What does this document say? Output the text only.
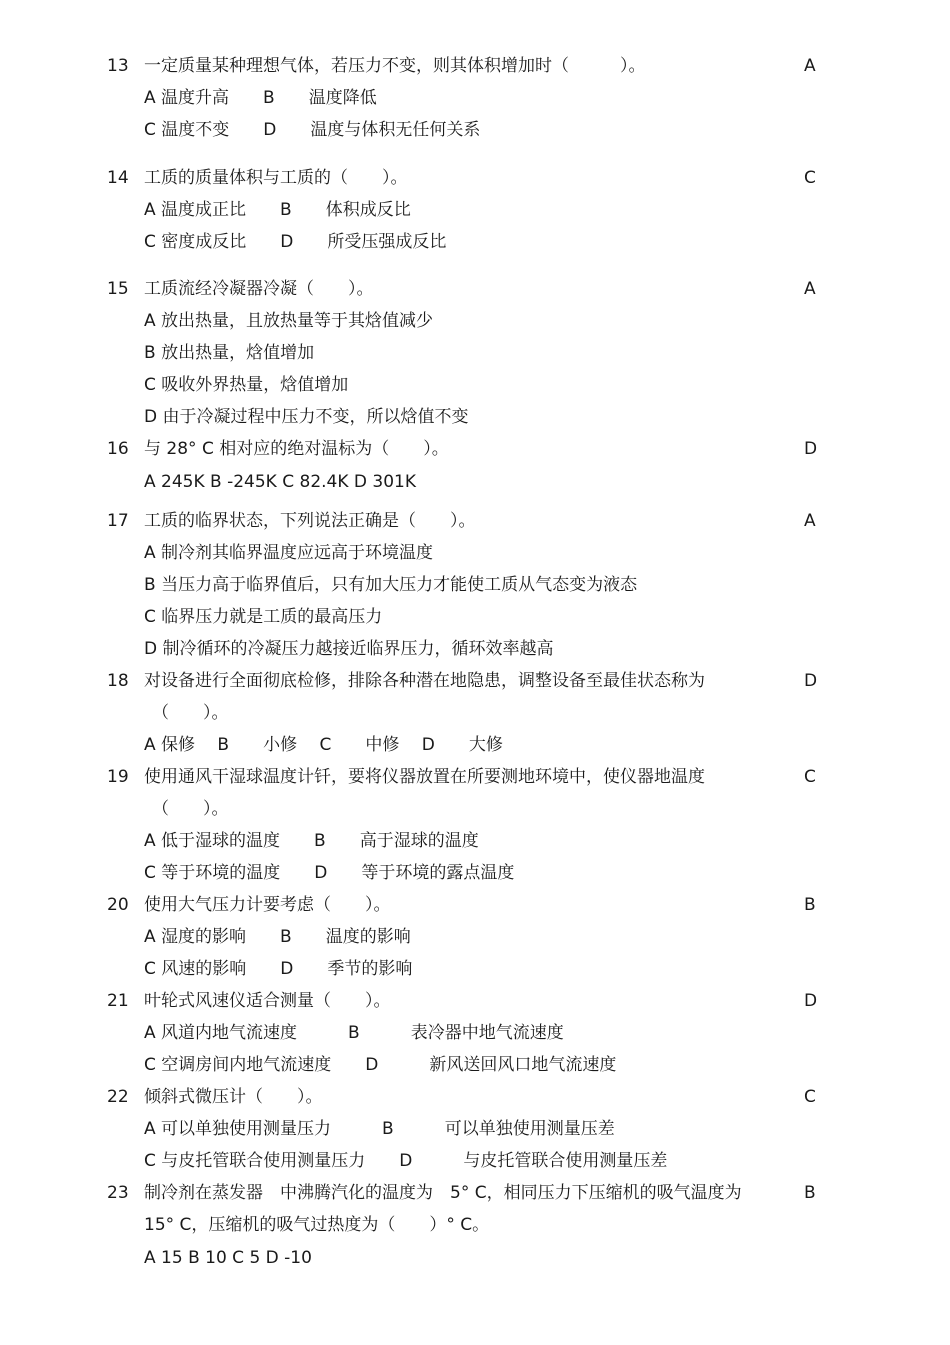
13 一定质量某种理想气体，若压力不变，则其体积增加时（　　　）。	A
A 温度升高　　B　　温度降低
C 温度不变　　D　　温度与体积无任何关系
14 工质的质量体积与工质的（　　）。	C
A 温度成正比　　B　　体积成反比
C 密度成反比　　D　　所受压强成反比
15 工质流经冷凝器冷凝（　　）。	A
A 放出热量，且放热量等于其焓值减少
B 放出热量，焓值增加
C 吸收外界热量，焓值增加
D 由于冷凝过程中压力不变，所以焓值不变
16 与 28° C 相对应的绝对温标为（　　）。	D
A 245K B -245K C 82.4K D 301K
17 工质的临界状态，下列说法正确是（　　）。	A
A 制冷剂其临界温度应远高于环境温度
B 当压力高于临界值后，只有加大压力才能使工质从气态变为液态
C 临界压力就是工质的最高压力
D 制冷循环的冷凝压力越接近临界压力，循环效率越高
18 对设备进行全面彻底检修，排除各种潜在地隐患，调整设备至最佳状态称为
（　　）。
D
A 保修　 B　　小修　 C　　中修　 D　　大修
19 使用通风干湿球温度计钎，要将仪器放置在所要测地环境中，使仪器地温度
（　　）。
C
A 低于湿球的温度　　B　　高于湿球的温度
C 等于环境的温度　　D　　等于环境的露点温度
20 使用大气压力计要考虑（　　）。	B
A 湿度的影响　　B　　温度的影响
C 风速的影响　　D　　季节的影响
21 叶轮式风速仪适合测量（　　）。	D
A 风道内地气流速度　　　B　　　表冷器中地气流速度
C 空调房间内地气流速度　　D　　　新风送回风口地气流速度
22 倾斜式微压计（　　）。	C
A 可以单独使用测量压力　　　B　　　可以单独使用测量压差
C 与皮托管联合使用测量压力　　D　　　与皮托管联合使用测量压差
23 制冷剂在蒸发器　中沸腾汽化的温度为　5° C，相同压力下压缩机的吸气温度为
15° C，压缩机的吸气过热度为（　　）° C。
B
A 15 B 10 C 5 D -10
